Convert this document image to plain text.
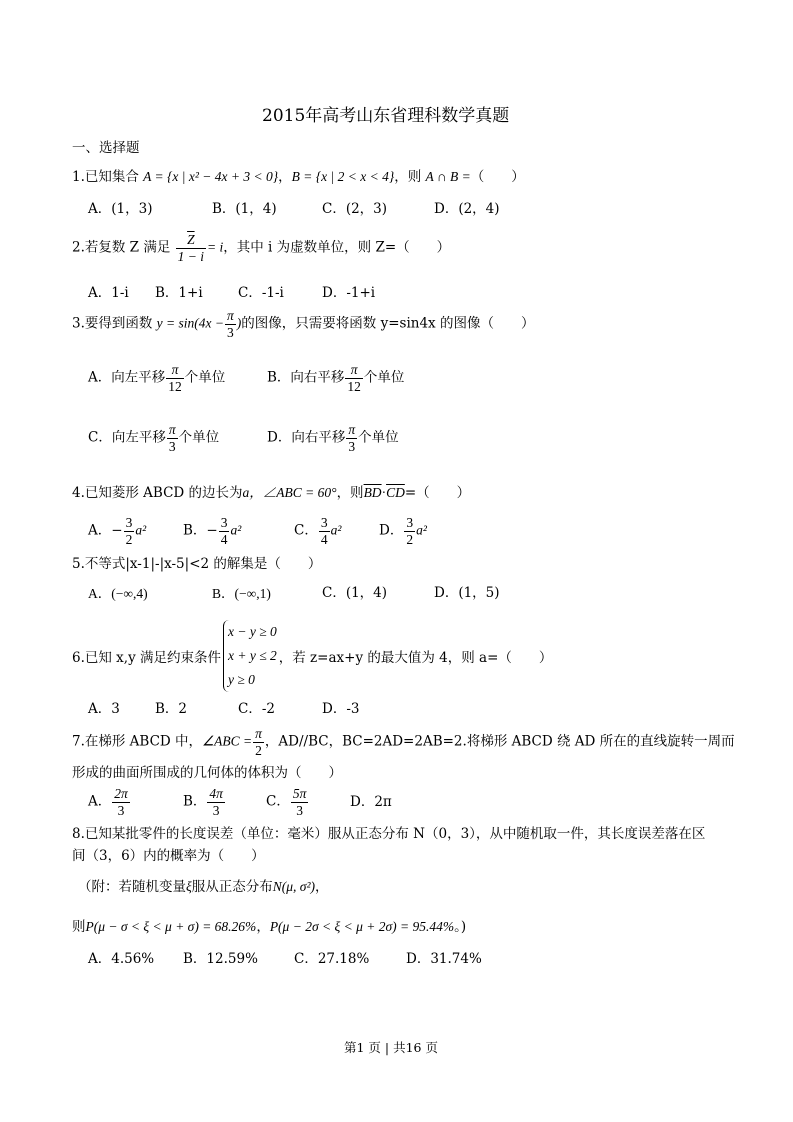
2015年高考山东省理科数学真题
一、选择题
1.已知集合 A = {x | x² − 4x + 3 < 0}，B = {x | 2 < x < 4}，则 A ∩ B =（　　）
A．(1，3)	B．(1，4)	C．(2，3)	D．(2，4)
2.若复数 Z 满足 $\frac{\overline{Z}}{1 - i} = i$，其中 i 为虚数单位，则 Z=（　　）
A．1-i B．1+i	C．-1-i	D．-1+i
3.要得到函数 $y = \sin(4x - \frac{\pi}{3}$ )的图像，只需要将函数 y=sin4x 的图像（　　）
A．向左平移 $\frac{\pi}{12}$ 个单位	B．向右平移 $\frac{\pi}{12}$ 个单位
C．向左平移 $\frac{\pi}{3}$ 个单位	D．向右平移 $\frac{\pi}{3}$ 个单位
4.已知菱形 ABCD 的边长为a，∠ABC = 60°，则$\overline{BD}\cdot\overline{CD}=$（　　）
A．− $\frac{3}{2} a^2$	B．− $\frac{3}{4} a^2$	C． $\frac{3}{4} a^2$	D． $\frac{3}{2} a^2$
5.不等式|x-1|-|x-5|<2 的解集是（　　）
A．(−∞,4)	B．(−∞,1)	C．(1，4)	D．(1，5)
6.已知 x,y 满足约束条件
x − y ≥ 0
x + y ≤ 2
y ≥ 0
，若 z=ax+y 的最大值为 4，则 a=（　　）
A．3	B．2	C．-2	D．-3
7.在梯形 ABCD 中，∠ABC = $\frac{\pi}{2}$ ，AD//BC，BC=2AD=2AB=2.将梯形 ABCD 绕 AD 所在的直线旋转一周而
形成的曲面所围成的几何体的体积为（　　）
A． $\frac{2\pi}{3}$	B． $\frac{4\pi}{3}$	C． $\frac{5\pi}{3}$	D．2π
8.已知某批零件的长度误差（单位：毫米）服从正态分布 N（0，3），从中随机取一件，其长度误差落在区
间（3，6）内的概率为（　　）
（附：若随机变量ξ服从正态分布N(μ, σ²)，
则P(μ − σ < ξ < μ + σ) = 68.26%，P(μ − 2σ < ξ < μ + 2σ) = 95.44%。)
A．4.56% B．12.59%	C．27.18%	D．31.74%
第1 页 | 共16 页
